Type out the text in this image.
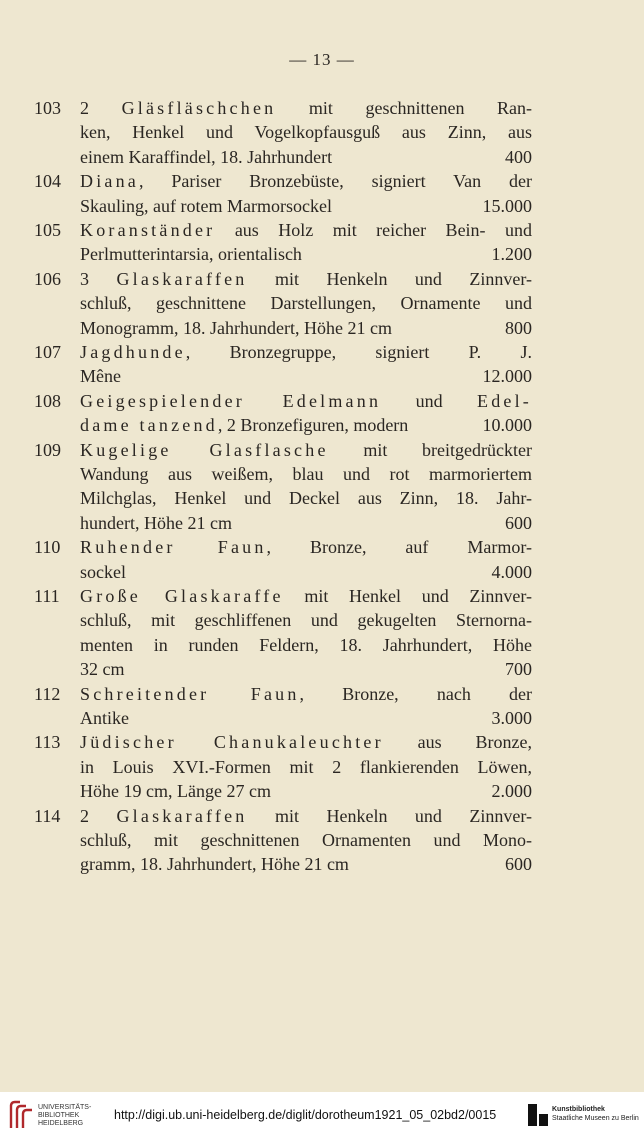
— 13 —
103	2 Gläsfläschchen mit geschnittenen Ran-
ken, Henkel und Vogelkopfausguß aus Zinn, aus
einem Karaffindel, 18. Jahrhundert	400
104	Diana, Pariser Bronzebüste, signiert Van der
Skauling, auf rotem Marmorsockel	15.000
105	Koranständer aus Holz mit reicher Bein- und
Perlmutterintarsia, orientalisch	1.200
106	3 Glaskaraffen mit Henkeln und Zinnver-
schluß, geschnittene Darstellungen, Ornamente und
Monogramm, 18. Jahrhundert, Höhe 21 cm	800
107	Jagdhunde, Bronzegruppe, signiert P. J.
Mêne	12.000
108	Geigespielender Edelmann und Edel-
dame tanzend, 2 Bronzefiguren, modern	10.000
109	Kugelige Glasflasche mit breitgedrückter
Wandung aus weißem, blau und rot marmoriertem
Milchglas, Henkel und Deckel aus Zinn, 18. Jahr-
hundert, Höhe 21 cm	600
110	Ruhender Faun, Bronze, auf Marmor-
sockel	4.000
111	Große Glaskaraffe mit Henkel und Zinnver-
schluß, mit geschliffenen und gekugelten Sternorna-
menten in runden Feldern, 18. Jahrhundert, Höhe
32 cm	700
112	Schreitender Faun, Bronze, nach der
Antike	3.000
113	Jüdischer Chanukaleuchter aus Bronze,
in Louis XVI.-Formen mit 2 flankierenden Löwen,
Höhe 19 cm, Länge 27 cm	2.000
114	2 Glaskaraffen mit Henkeln und Zinnver-
schluß, mit geschnittenen Ornamenten und Mono-
gramm, 18. Jahrhundert, Höhe 21 cm	600
UNIVERSITÄTS-
BIBLIOTHEK
HEIDELBERG
http://digi.ub.uni-heidelberg.de/diglit/dorotheum1921_05_02bd2/0015	Kunstbibliothek
Staatliche Museen zu Berlin
